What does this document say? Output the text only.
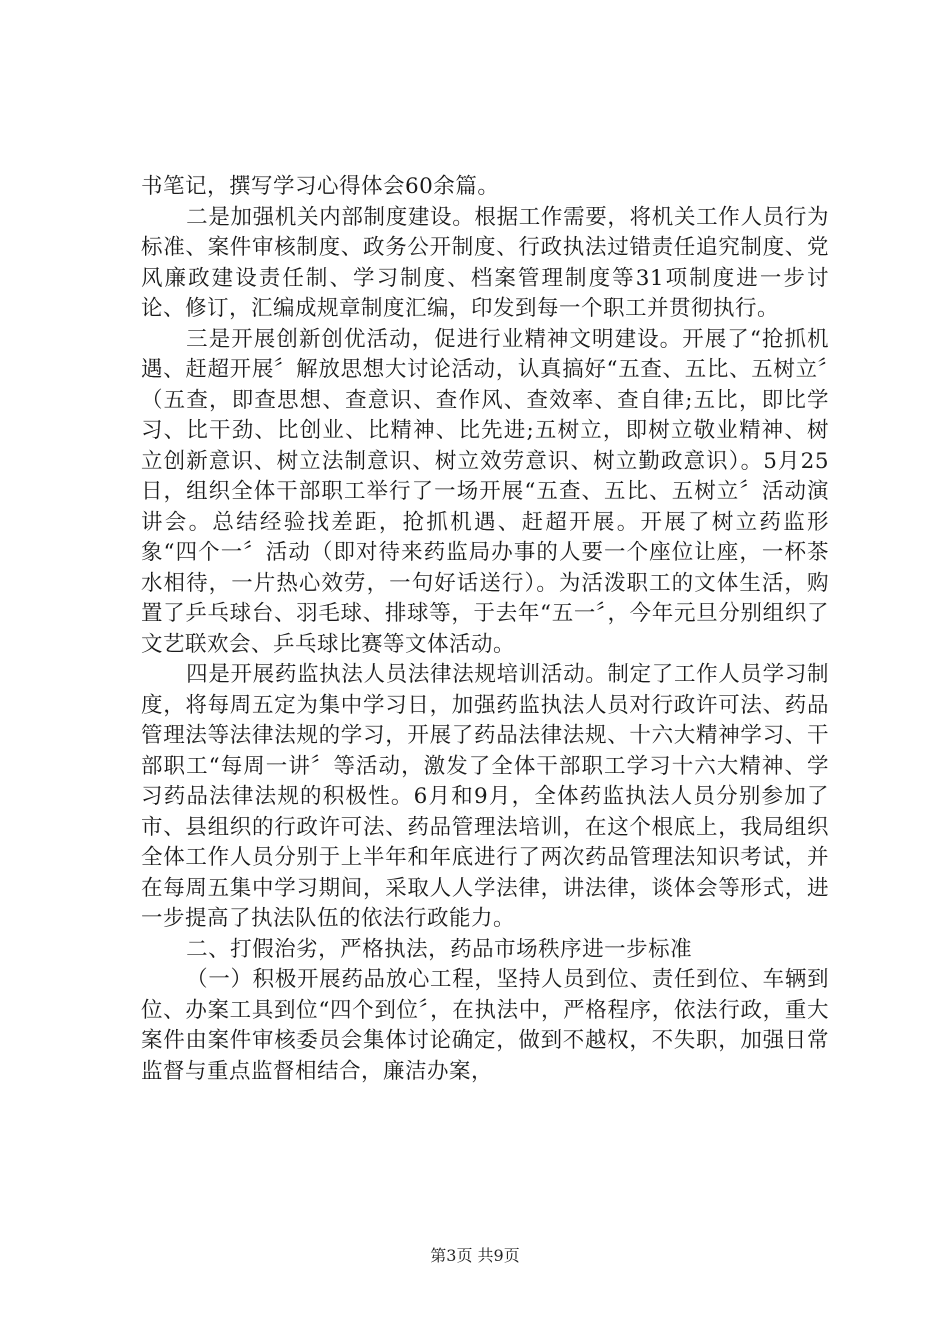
书笔记，撰写学习心得体会60余篇。

二是加强机关内部制度建设。根据工作需要，将机关工作人员行为标准、案件审核制度、政务公开制度、行政执法过错责任追究制度、党风廉政建设责任制、学习制度、档案管理制度等31项制度进一步讨论、修订，汇编成规章制度汇编，印发到每一个职工并贯彻执行。

三是开展创新创优活动，促进行业精神文明建设。开展了“抢抓机遇、赶超开展〞解放思想大讨论活动，认真搞好“五查、五比、五树立〞（五查，即查思想、查意识、查作风、查效率、查自律;五比，即比学习、比干劲、比创业、比精神、比先进;五树立，即树立敬业精神、树立创新意识、树立法制意识、树立效劳意识、树立勤政意识）。5月25日，组织全体干部职工举行了一场开展“五查、五比、五树立〞活动演讲会。总结经验找差距，抢抓机遇、赶超开展。开展了树立药监形象“四个一〞活动（即对待来药监局办事的人要一个座位让座，一杯茶水相待，一片热心效劳，一句好话送行）。为活泼职工的文体生活，购置了乒乓球台、羽毛球、排球等，于去年“五一〞，今年元旦分别组织了文艺联欢会、乒乓球比赛等文体活动。

四是开展药监执法人员法律法规培训活动。制定了工作人员学习制度，将每周五定为集中学习日，加强药监执法人员对行政许可法、药品管理法等法律法规的学习，开展了药品法律法规、十六大精神学习、干部职工“每周一讲〞等活动，激发了全体干部职工学习十六大精神、学习药品法律法规的积极性。6月和9月，全体药监执法人员分别参加了市、县组织的行政许可法、药品管理法培训，在这个根底上，我局组织全体工作人员分别于上半年和年底进行了两次药品管理法知识考试，并在每周五集中学习期间，采取人人学法律，讲法律，谈体会等形式，进一步提高了执法队伍的依法行政能力。

二、打假治劣，严格执法，药品市场秩序进一步标准

（一）积极开展药品放心工程，坚持人员到位、责任到位、车辆到位、办案工具到位“四个到位〞，在执法中，严格程序，依法行政，重大案件由案件审核委员会集体讨论确定，做到不越权，不失职，加强日常监督与重点监督相结合，廉洁办案，

第3页 共9页
